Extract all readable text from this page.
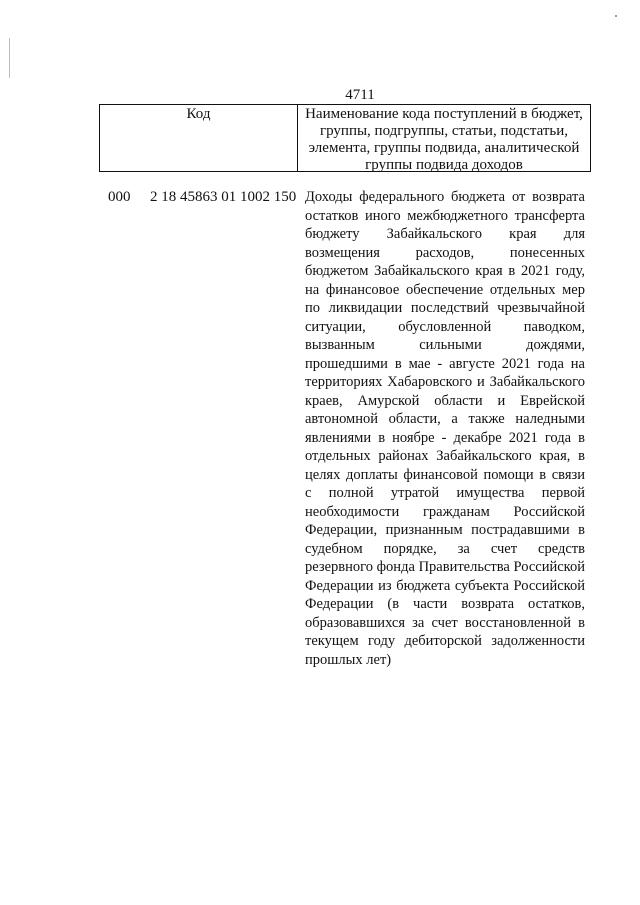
4711
Код	Наименование кода поступлений в бюджет, группы, подгруппы, статьи, подстатьи, элемента, группы подвида, аналитической группы подвида доходов
000 2 18 45863 01 1002 150 Доходы федерального бюджета от возврата остатков иного межбюджетного трансферта бюджету Забайкальского края для возмещения расходов, понесенных бюджетом Забайкальского края в 2021 году, на финансовое обеспечение отдельных мер по ликвидации последствий чрезвычайной ситуации, обусловленной паводком, вызванным сильными дождями, прошедшими в мае - августе 2021 года на территориях Хабаровского и Забайкальского краев, Амурской области и Еврейской автономной области, а также наледными явлениями в ноябре - декабре 2021 года в отдельных районах Забайкальского края, в целях доплаты финансовой помощи в связи с полной утратой имущества первой необходимости гражданам Российской Федерации, признанным пострадавшими в судебном порядке, за счет средств резервного фонда Правительства Российской Федерации из бюджета субъекта Российской Федерации (в части возврата остатков, образовавшихся за счет восстановленной в текущем году дебиторской задолженности прошлых лет)
